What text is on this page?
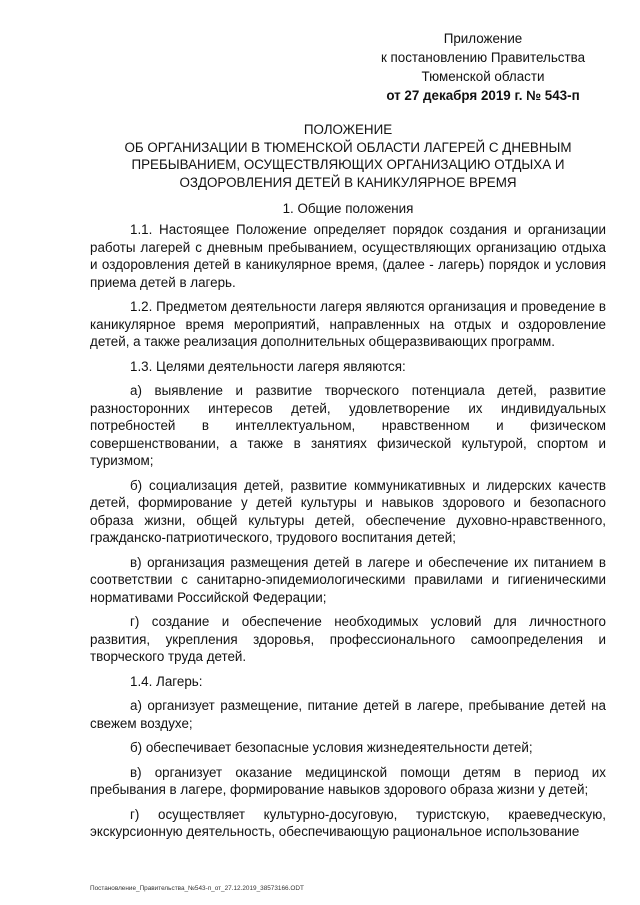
Приложение
к постановлению Правительства
Тюменской области
от 27 декабря 2019 г. № 543-п
ПОЛОЖЕНИЕ
ОБ ОРГАНИЗАЦИИ В ТЮМЕНСКОЙ ОБЛАСТИ ЛАГЕРЕЙ С ДНЕВНЫМ
ПРЕБЫВАНИЕМ, ОСУЩЕСТВЛЯЮЩИХ ОРГАНИЗАЦИЮ ОТДЫХА И
ОЗДОРОВЛЕНИЯ ДЕТЕЙ В КАНИКУЛЯРНОЕ ВРЕМЯ
1. Общие положения

1.1. Настоящее Положение определяет порядок создания и организации работы лагерей с дневным пребыванием, осуществляющих организацию отдыха и оздоровления детей в каникулярное время, (далее - лагерь) порядок и условия приема детей в лагерь.

1.2. Предметом деятельности лагеря являются организация и проведение в каникулярное время мероприятий, направленных на отдых и оздоровление детей, а также реализация дополнительных общеразвивающих программ.

1.3. Целями деятельности лагеря являются:

а) выявление и развитие творческого потенциала детей, развитие разносторонних интересов детей, удовлетворение их индивидуальных потребностей в интеллектуальном, нравственном и физическом совершенствовании, а также в занятиях физической культурой, спортом и туризмом;

б) социализация детей, развитие коммуникативных и лидерских качеств детей, формирование у детей культуры и навыков здорового и безопасного образа жизни, общей культуры детей, обеспечение духовно-нравственного, гражданско-патриотического, трудового воспитания детей;

в) организация размещения детей в лагере и обеспечение их питанием в соответствии с санитарно-эпидемиологическими правилами и гигиеническими нормативами Российской Федерации;

г) создание и обеспечение необходимых условий для личностного развития, укрепления здоровья, профессионального самоопределения и творческого труда детей.

1.4. Лагерь:

а) организует размещение, питание детей в лагере, пребывание детей на свежем воздухе;

б) обеспечивает безопасные условия жизнедеятельности детей;

в) организует оказание медицинской помощи детям в период их пребывания в лагере, формирование навыков здорового образа жизни у детей;

г) осуществляет культурно-досуговую, туристскую, краеведческую, экскурсионную деятельность, обеспечивающую рациональное использование

Постановление_Правительства_№543-п_от_27.12.2019_38573166.ODT
